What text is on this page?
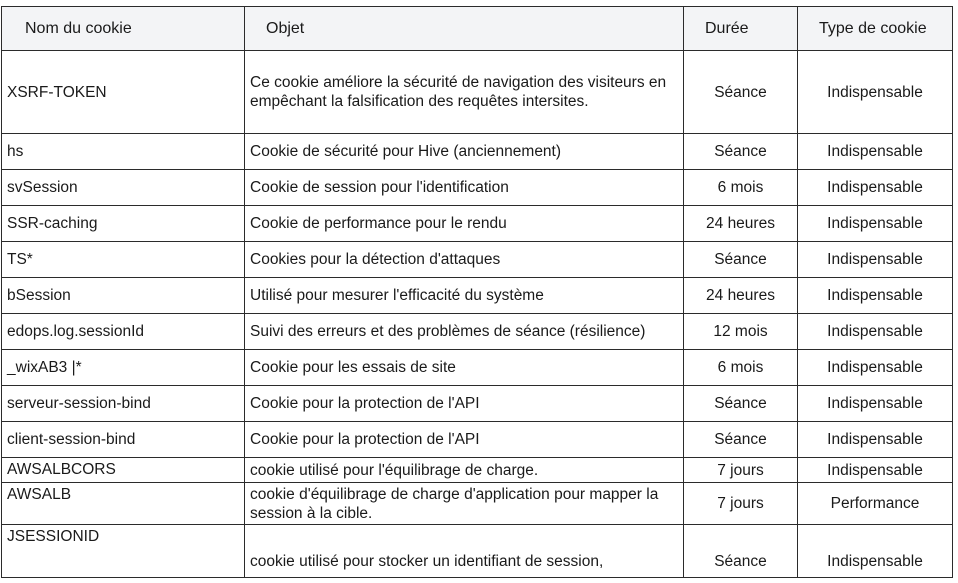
Nom du cookie	Objet	Durée	Type de cookie
XSRF-TOKEN	Ce cookie améliore la sécurité de navigation des visiteurs en empêchant la falsification des requêtes intersites.	Séance	Indispensable
hs	Cookie de sécurité pour Hive (anciennement)	Séance	Indispensable
svSession	Cookie de session pour l'identification	6 mois	Indispensable
SSR-caching	Cookie de performance pour le rendu	24 heures	Indispensable
TS*	Cookies pour la détection d'attaques	Séance	Indispensable
bSession	Utilisé pour mesurer l'efficacité du système	24 heures	Indispensable
edops.log.sessionId	Suivi des erreurs et des problèmes de séance (résilience)	12 mois	Indispensable
_wixAB3 |*	Cookie pour les essais de site	6 mois	Indispensable
serveur-session-bind	Cookie pour la protection de l'API	Séance	Indispensable
client-session-bind	Cookie pour la protection de l'API	Séance	Indispensable
AWSALBCORS	cookie utilisé pour l'équilibrage de charge.	7 jours	Indispensable
AWSALB	cookie d'équilibrage de charge d'application pour mapper la session à la cible.	7 jours	Performance
JSESSIONID	cookie utilisé pour stocker un identifiant de session,	Séance	Indispensable
